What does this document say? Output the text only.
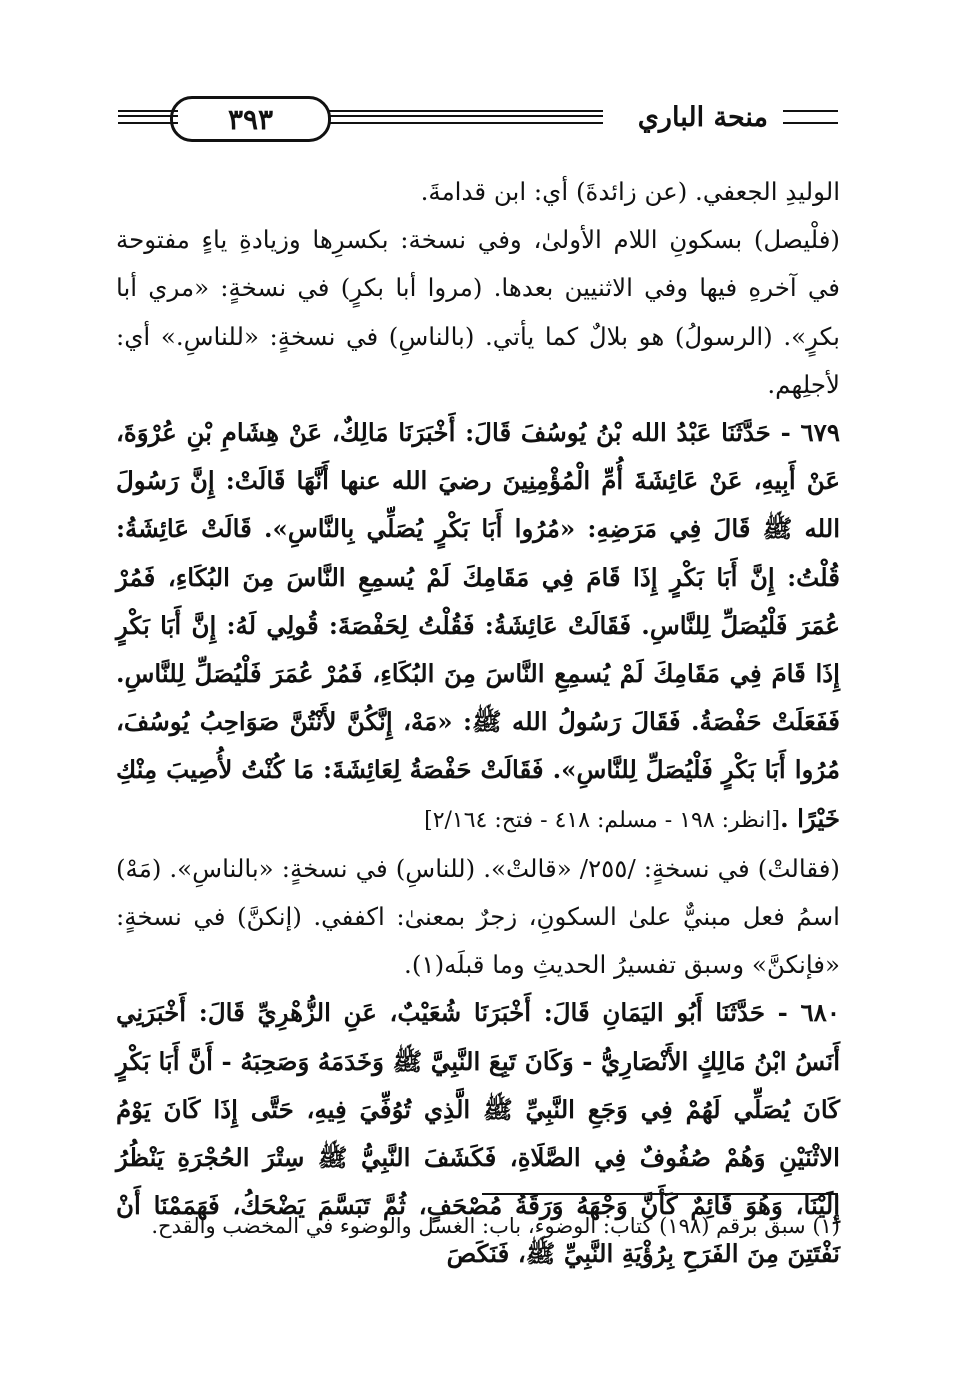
منحة الباري
٣٩٣

الوليدِ الجعفي. (عن زائدةَ) أي: ابن قدامةَ.

(فلْيصل) بسكونِ اللام الأولىٰ، وفي نسخة: بكسرِها وزيادةِ ياءٍ مفتوحة في آخرهِ فيها وفي الاثنيين بعدها. (مروا أبا بكرٍ) في نسخةٍ: «مري أبا بكرٍ». (الرسولُ) هو بلالٌ كما يأتي. (بالناسِ) في نسخةٍ: «للناسِ.» أي: لأجلِهم.

٦٧٩ - حَدَّثَنَا عَبْدُ الله بْنُ يُوسُفَ قَالَ: أَخْبَرَنَا مَالِكٌ، عَنْ هِشَامِ بْنِ عُرْوَةَ، عَنْ أَبِيهِ، عَنْ عَائِشَةَ أُمِّ الْمُؤْمِنِينَ رضيَ الله عنها أَنَّهَا قَالَتْ: إِنَّ رَسُولَ الله ﷺ قَالَ فِي مَرَضِهِ: «مُرُوا أَبَا بَكْرٍ يُصَلِّي بِالنَّاسِ». قَالَتْ عَائِشَةُ: قُلْتُ: إِنَّ أَبَا بَكْرٍ إِذَا قَامَ فِي مَقَامِكَ لَمْ يُسمِعِ النَّاسَ مِنَ البُكَاءِ، فَمُرْ عُمَرَ فَلْيُصَلِّ لِلنَّاسِ. فَقَالَتْ عَائِشَةُ: فَقُلْتُ لِحَفْصَةَ: قُولِي لَهُ: إِنَّ أَبَا بَكْرٍ إِذَا قَامَ فِي مَقَامِكَ لَمْ يُسمِعِ النَّاسَ مِنَ البُكَاءِ، فَمُرْ عُمَرَ فَلْيُصَلِّ لِلنَّاسِ. فَفَعَلَتْ حَفْصَةُ. فَقَالَ رَسُولُ الله ﷺ: «مَهْ، إِنَّكُنَّ لأَنْتُنَّ صَوَاحِبُ يُوسُفَ، مُرُوا أَبَا بَكْرٍ فَلْيُصَلِّ لِلنَّاسِ». فَقَالَتْ حَفْصَةُ لِعَائِشَةَ: مَا كُنْتُ لأُصِيبَ مِنْكِ خَيْرًا .[انظر: ١٩٨ - مسلم: ٤١٨ - فتح: ٢/١٦٤]

(فقالتْ) في نسخةٍ: /٢٥٥/ «قالتْ». (للناسِ) في نسخةٍ: «بالناسِ». (مَهْ) اسمُ فعل مبنيٌّ علىٰ السكونِ، زجرٌ بمعنىٰ: اكففي. (إنكنَّ) في نسخةٍ: «فإنكنَّ» وسبق تفسيرُ الحديثِ وما قبلَه(١).

٦٨٠ - حَدَّثَنَا أَبُو اليَمَانِ قَالَ: أَخْبَرَنَا شُعَيْبٌ، عَنِ الزُّهْرِيِّ قَالَ: أَخْبَرَنِي أَنَسُ ابْنُ مَالِكٍ الأَنْصَارِيُّ - وَكَانَ تَبِعَ النَّبِيَّ ﷺ وَخَدَمَهُ وَصَحِبَهُ - أَنَّ أَبَا بَكْرٍ كَانَ يُصَلِّي لَهُمْ فِي وَجَعِ النَّبِيِّ ﷺ الَّذِي تُوُفِّيَ فِيهِ، حَتَّى إِذَا كَانَ يَوْمُ الاثْنَيْنِ وَهُمْ صُفُوفٌ فِي الصَّلَاةِ، فَكَشَفَ النَّبِيُّ ﷺ سِتْرَ الحُجْرَةِ يَنْظُرُ إِلَيْنَا، وَهُوَ قَائِمٌ كَأَنَّ وَجْهَهُ وَرَقَةُ مُصْحَفٍ، ثُمَّ تَبَسَّمَ يَضْحَكُ، فَهَمَمْنَا أَنْ نَفْتَتِنَ مِنَ الفَرَحِ بِرُؤْيَةِ النَّبِيِّ ﷺ، فَنَكَصَ

(١) سبق برقم (١٩٨) كتاب: الوضوء، باب: الغسل والوضوء في المخضب والقدح.
